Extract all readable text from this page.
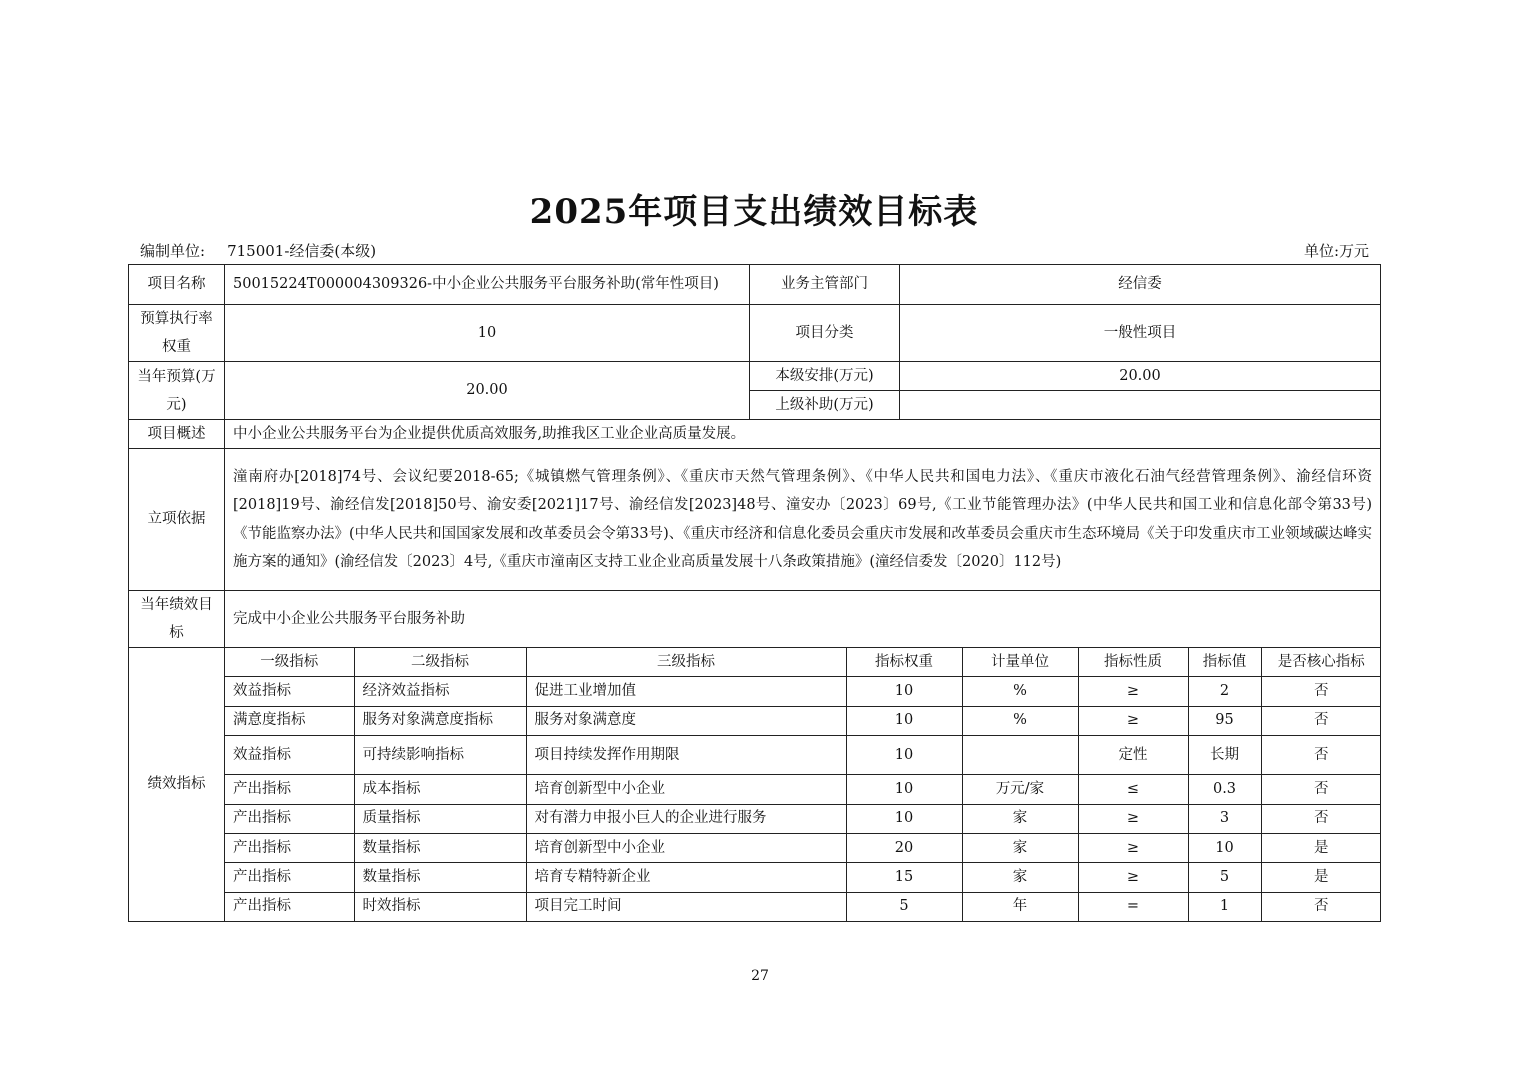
2025年项目支出绩效目标表
编制单位: 715001-经信委(本级)	单位:万元
项目名称	50015224T000004309326-中小企业公共服务平台服务补助(常年性项目)	业务主管部门	经信委
预算执行率权重	10	项目分类	一般性项目
当年预算(万元)	20.00	本级安排(万元)	20.00
上级补助(万元)	
项目概述	中小企业公共服务平台为企业提供优质高效服务,助推我区工业企业高质量发展。
立项依据	潼南府办[2018]74号、会议纪要2018-65;《城镇燃气管理条例》、《重庆市天然气管理条例》、《中华人民共和国电力法》、《重庆市液化石油气经营管理条例》、渝经信环资[2018]19号、渝经信发[2018]50号、渝安委[2021]17号、渝经信发[2023]48号、潼安办〔2023〕69号,《工业节能管理办法》(中华人民共和国工业和信息化部令第33号)《节能监察办法》(中华人民共和国国家发展和改革委员会令第33号)、《重庆市经济和信息化委员会重庆市发展和改革委员会重庆市生态环境局《关于印发重庆市工业领域碳达峰实施方案的通知》(渝经信发〔2023〕4号,《重庆市潼南区支持工业企业高质量发展十八条政策措施》(潼经信委发〔2020〕112号)
当年绩效目标	完成中小企业公共服务平台服务补助
绩效指标	
一级指标	二级指标	三级指标	指标权重	计量单位	指标性质	指标值	是否核心指标
效益指标	经济效益指标	促进工业增加值	10	%	≥	2	否
满意度指标	服务对象满意度指标	服务对象满意度	10	%	≥	95	否
效益指标	可持续影响指标	项目持续发挥作用期限	10		定性	长期	否
产出指标	成本指标	培育创新型中小企业	10	万元/家	≤	0.3	否
产出指标	质量指标	对有潜力申报小巨人的企业进行服务	10	家	≥	3	否
产出指标	数量指标	培育创新型中小企业	20	家	≥	10	是
产出指标	数量指标	培育专精特新企业	15	家	≥	5	是
产出指标	时效指标	项目完工时间	5	年	=	1	否
27
